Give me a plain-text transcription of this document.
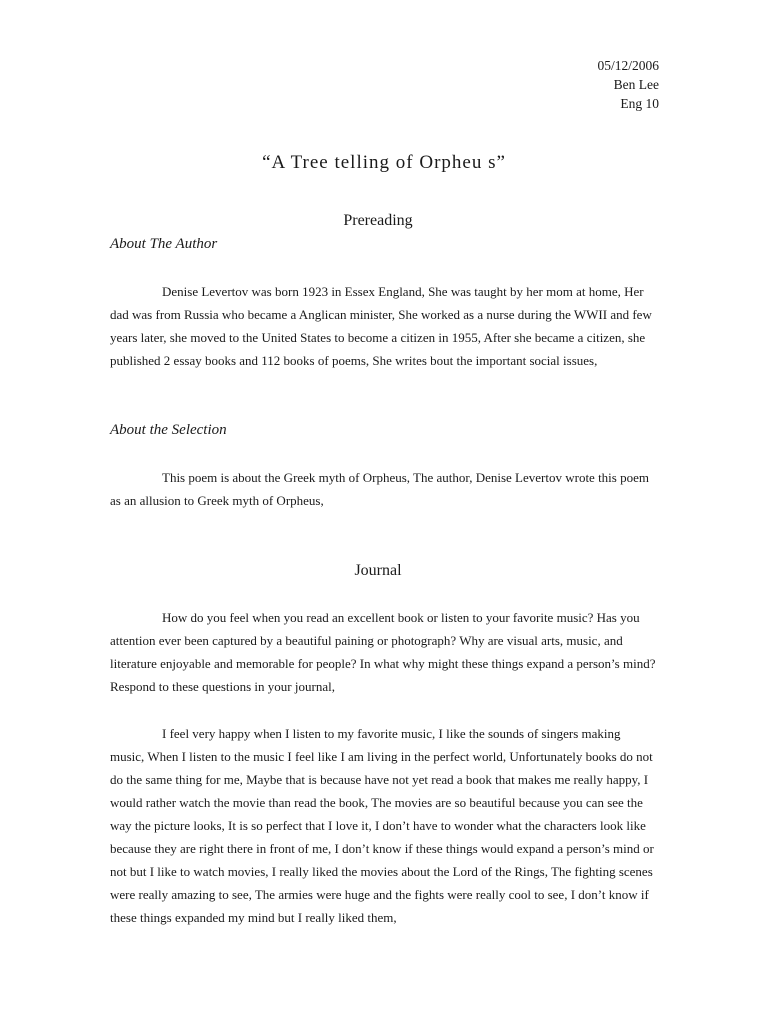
05/12/2006
Ben Lee
Eng 10
“A Tree telling of Orpheu s”
Prereading
About The Author

Denise Levertov was born 1923 in Essex England, She was taught by her mom at home, Her dad was from Russia who became a Anglican minister, She worked as a nurse during the WWII and few years later, she moved to the United States to become a citizen in 1955, After she became a citizen, she published 2 essay books and 112 books of poems, She writes bout the important social issues,

About the Selection

This poem is about the Greek myth of Orpheus, The author, Denise Levertov wrote this poem as an allusion to Greek myth of Orpheus,

Journal

How do you feel when you read an excellent book or listen to your favorite music? Has you attention ever been captured by a beautiful paining or photograph? Why are visual arts, music, and literature enjoyable and memorable for people? In what why might these things expand a person’s mind? Respond to these questions in your journal,

I feel very happy when I listen to my favorite music, I like the sounds of singers making music, When I listen to the music I feel like I am living in the perfect world, Unfortunately books do not do the same thing for me, Maybe that is because have not yet read a book that makes me really happy, I would rather watch the movie than read the book, The movies are so beautiful because you can see the way the picture looks, It is so perfect that I love it, I don’t have to wonder what the characters look like because they are right there in front of me, I don’t know if these things would expand a person’s mind or not but I like to watch movies, I really liked the movies about the Lord of the Rings, The fighting scenes were really amazing to see, The armies were huge and the fights were really cool to see, I don’t know if these things expanded my mind but I really liked them,
